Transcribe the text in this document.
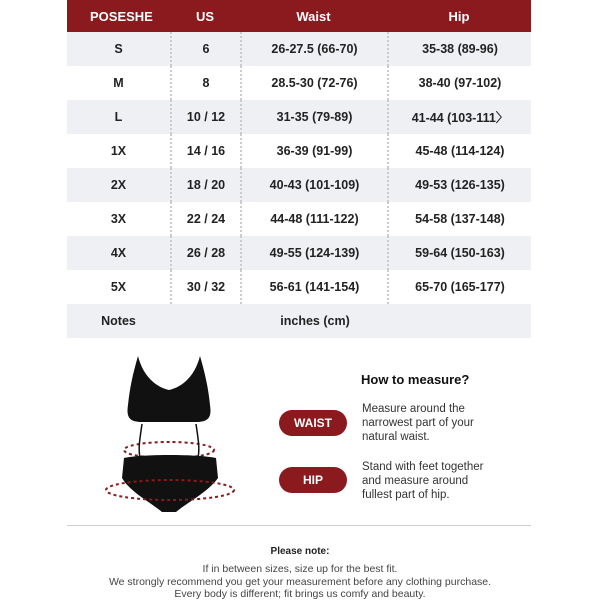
POSESHE	US	Waist	Hip
S	6	26-27.5 (66-70)	35-38 (89-96)
M	8	28.5-30 (72-76)	38-40 (97-102)
L	10 / 12	31-35 (79-89)	41-44 (103-111〉
1X	14 / 16	36-39 (91-99)	45-48 (114-124)
2X	18 / 20	40-43 (101-109)	49-53 (126-135)
3X	22 / 24	44-48 (111-122)	54-58 (137-148)
4X	26 / 28	49-55 (124-139)	59-64 (150-163)
5X	30 / 32	56-61 (141-154)	65-70 (165-177)
Notes	inches (cm)
How to measure?
WAIST
Measure around the
narrowest part of your
natural waist.
HIP
Stand with feet together
and measure around
fullest part of hip.
Please note:
If in between sizes, size up for the best fit.
We strongly recommend you get your measurement before any clothing purchase.
Every body is different; fit brings us comfy and beauty.
